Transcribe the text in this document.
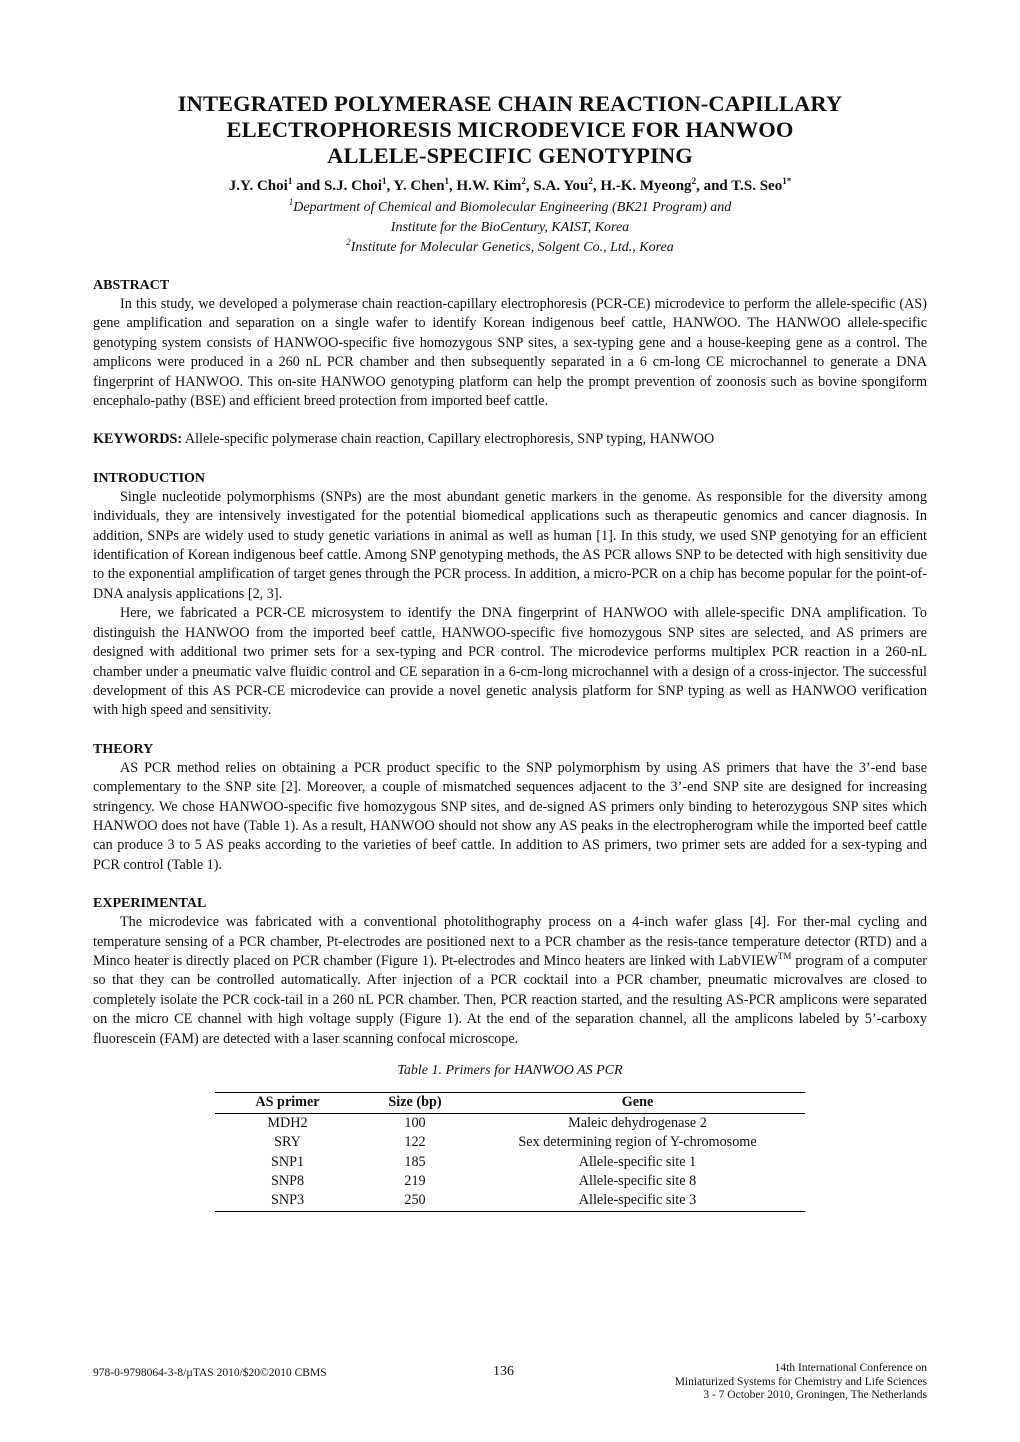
INTEGRATED POLYMERASE CHAIN REACTION-CAPILLARY
ELECTROPHORESIS MICRODEVICE FOR HANWOO
ALLELE-SPECIFIC GENOTYPING
J.Y. Choi$^1$ and S.J. Choi$^1$, Y. Chen$^1$, H.W. Kim$^2$, S.A. You$^2$, H.-K. Myeong$^2$, and T.S. Seo$^{1*}$
$^1$Department of Chemical and Biomolecular Engineering (BK21 Program) and
Institute for the BioCentury, KAIST, Korea
$^2$Institute for Molecular Genetics, Solgent Co., Ltd., Korea
ABSTRACT

In this study, we developed a polymerase chain reaction-capillary electrophoresis (PCR-CE) microdevice to perform the allele-specific (AS) gene amplification and separation on a single wafer to identify Korean indigenous beef cattle, HANWOO. The HANWOO allele-specific genotyping system consists of HANWOO-specific five homozygous SNP sites, a sex-typing gene and a house-keeping gene as a control. The amplicons were produced in a 260 nL PCR chamber and then subsequently separated in a 6 cm-long CE microchannel to generate a DNA fingerprint of HANWOO. This on-site HANWOO genotyping platform can help the prompt prevention of zoonosis such as bovine spongiform encephalo-pathy (BSE) and efficient breed protection from imported beef cattle.

KEYWORDS: Allele-specific polymerase chain reaction, Capillary electrophoresis, SNP typing, HANWOO

INTRODUCTION

Single nucleotide polymorphisms (SNPs) are the most abundant genetic markers in the genome. As responsible for the diversity among individuals, they are intensively investigated for the potential biomedical applications such as therapeutic genomics and cancer diagnosis. In addition, SNPs are widely used to study genetic variations in animal as well as human [1]. In this study, we used SNP genotying for an efficient identification of Korean indigenous beef cattle. Among SNP genotyping methods, the AS PCR allows SNP to be detected with high sensitivity due to the exponential amplification of target genes through the PCR process. In addition, a micro-PCR on a chip has become popular for the point-of-DNA analysis applications [2, 3].

Here, we fabricated a PCR-CE microsystem to identify the DNA fingerprint of HANWOO with allele-specific DNA amplification. To distinguish the HANWOO from the imported beef cattle, HANWOO-specific five homozygous SNP sites are selected, and AS primers are designed with additional two primer sets for a sex-typing and PCR control. The microdevice performs multiplex PCR reaction in a 260-nL chamber under a pneumatic valve fluidic control and CE separation in a 6-cm-long microchannel with a design of a cross-injector. The successful development of this AS PCR-CE microdevice can provide a novel genetic analysis platform for SNP typing as well as HANWOO verification with high speed and sensitivity.

THEORY

AS PCR method relies on obtaining a PCR product specific to the SNP polymorphism by using AS primers that have the 3’-end base complementary to the SNP site [2]. Moreover, a couple of mismatched sequences adjacent to the 3’-end SNP site are designed for increasing stringency. We chose HANWOO-specific five homozygous SNP sites, and de-signed AS primers only binding to heterozygous SNP sites which HANWOO does not have (Table 1). As a result, HANWOO should not show any AS peaks in the electropherogram while the imported beef cattle can produce 3 to 5 AS peaks according to the varieties of beef cattle. In addition to AS primers, two primer sets are added for a sex-typing and PCR control (Table 1).

EXPERIMENTAL

The microdevice was fabricated with a conventional photolithography process on a 4-inch wafer glass [4]. For ther-mal cycling and temperature sensing of a PCR chamber, Pt-electrodes are positioned next to a PCR chamber as the resis-tance temperature detector (RTD) and a Minco heater is directly placed on PCR chamber (Figure 1). Pt-electrodes and Minco heaters are linked with LabVIEW™ program of a computer so that they can be controlled automatically. After injection of a PCR cocktail into a PCR chamber, pneumatic microvalves are closed to completely isolate the PCR cock-tail in a 260 nL PCR chamber. Then, PCR reaction started, and the resulting AS-PCR amplicons were separated on the micro CE channel with high voltage supply (Figure 1). At the end of the separation channel, all the amplicons labeled by 5’-carboxy fluorescein (FAM) are detected with a laser scanning confocal microscope.

Table 1. Primers for HANWOO AS PCR
AS primer	Size (bp)	Gene
MDH2	100	Maleic dehydrogenase 2
SRY	122	Sex determining region of Y-chromosome
SNP1	185	Allele-specific site 1
SNP8	219	Allele-specific site 8
SNP3	250	Allele-specific site 3
978-0-9798064-3-8/µTAS 2010/$20©2010 CBMS	136	14th International Conference on
Miniaturized Systems for Chemistry and Life Sciences
3 - 7 October 2010, Groningen, The Netherlands
